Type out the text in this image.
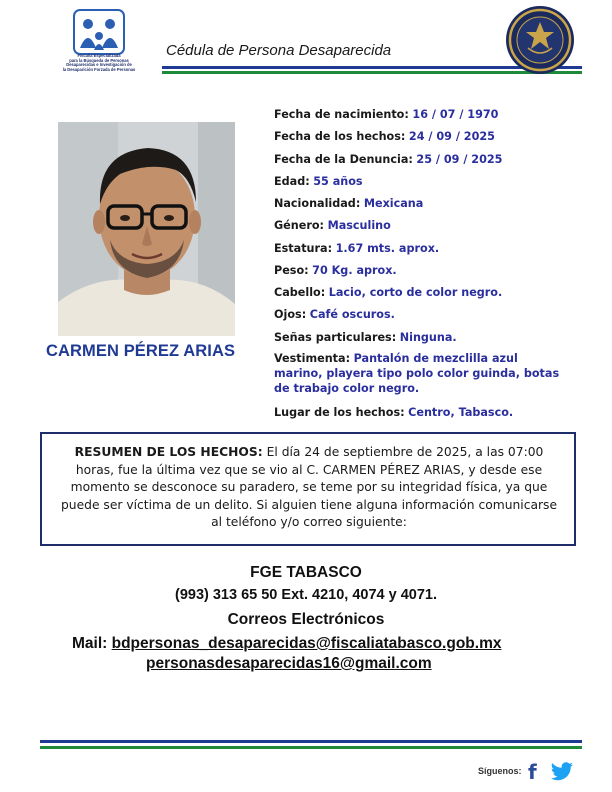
Fiscalía Especializada
para la Búsqueda de Personas
Desaparecidas e Investigación de
la Desaparición Forzada de Personas
Cédula de Persona Desaparecida
CARMEN PÉREZ ARIAS
Fecha de nacimiento: 16 / 07 / 1970
Fecha de los hechos: 24 / 09 / 2025
Fecha de la Denuncia: 25 / 09 / 2025
Edad: 55 años
Nacionalidad: Mexicana
Género: Masculino
Estatura: 1.67 mts. aprox.
Peso: 70 Kg. aprox.
Cabello: Lacio, corto de color negro.
Ojos: Café oscuros.
Señas particulares: Ninguna.
Vestimenta: Pantalón de mezclilla azul marino, playera tipo polo color guinda, botas de trabajo color negro.
Lugar de los hechos: Centro, Tabasco.
RESUMEN DE LOS HECHOS: El día 24 de septiembre de 2025, a las 07:00 horas, fue la última vez que se vio al C. CARMEN PÉREZ ARIAS, y desde ese momento se desconoce su paradero, se teme por su integridad física, ya que puede ser víctima de un delito. Si alguien tiene alguna información comunicarse al teléfono y/o correo siguiente:
FGE TABASCO
(993) 313 65 50 Ext. 4210, 4074 y 4071.
Correos Electrónicos
Mail: bdpersonas_desaparecidas@fiscaliatabasco.gob.mx
personasdesaparecidas16@gmail.com
Síguenos: f
